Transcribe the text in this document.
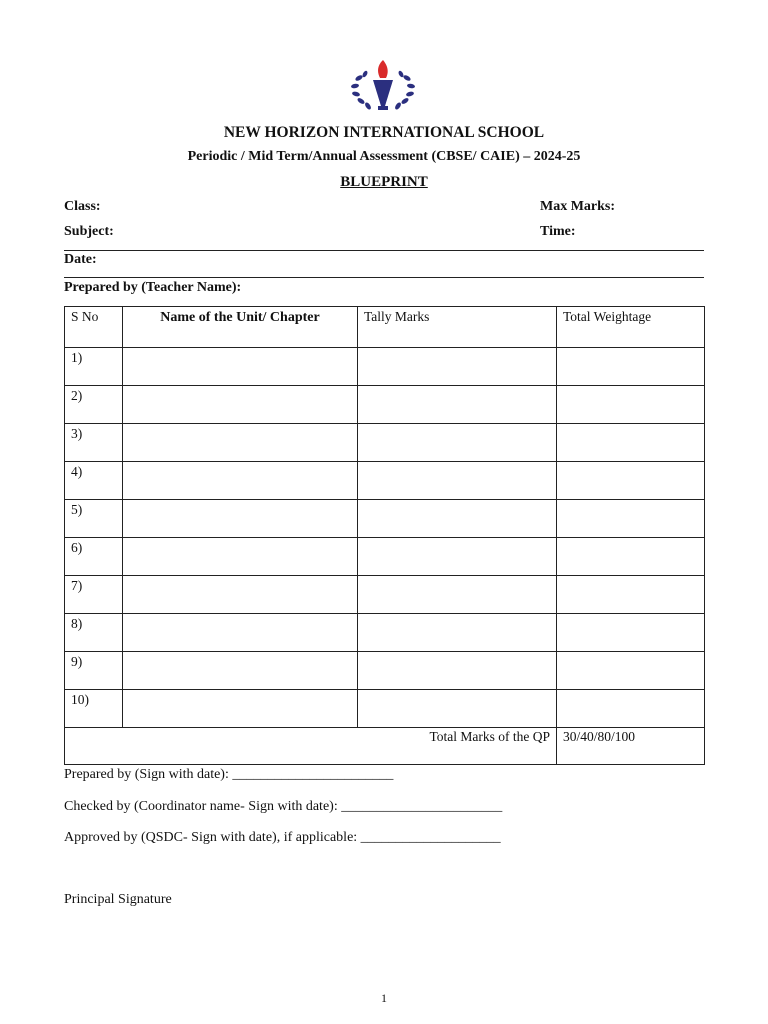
NEW HORIZON INTERNATIONAL SCHOOL
Periodic / Mid Term/Annual Assessment (CBSE/ CAIE) – 2024-25
BLUEPRINT
Class:	Max Marks:
Subject:	Time:
Date:
Prepared by (Teacher Name):
S No	Name of the Unit/ Chapter	Tally Marks	Total Weightage
1)			
2)			
3)			
4)			
5)			
6)			
7)			
8)			
9)			
10)			
Total Marks of the QP			30/40/80/100
Prepared by (Sign with date): _______________________
Checked by (Coordinator name- Sign with date): _______________________
Approved by (QSDC- Sign with date), if applicable: ____________________
Principal Signature
1
